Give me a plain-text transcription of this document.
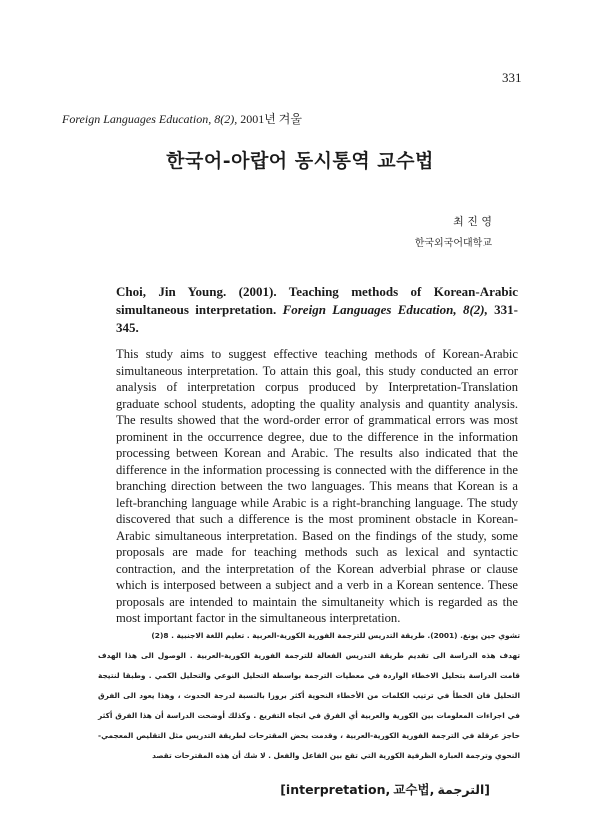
331
Foreign Languages Education, 8(2), 2001년 겨울
한국어-아랍어 동시통역 교수법
최 진 영
한국외국어대학교
Choi, Jin Young. (2001). Teaching methods of Korean-Arabic simultaneous interpretation. Foreign Languages Education, 8(2), 331-345.
This study aims to suggest effective teaching methods of Korean-Arabic simultaneous interpretation. To attain this goal, this study conducted an error analysis of interpretation corpus produced by Interpretation-Translation graduate school students, adopting the quality analysis and quantity analysis. The results showed that the word-order error of grammatical errors was most prominent in the occurrence degree, due to the difference in the information processing between Korean and Arabic. The results also indicated that the difference in the information processing is connected with the difference in the branching direction between the two languages. This means that Korean is a left-branching language while Arabic is a right-branching language. The study discovered that such a difference is the most prominent obstacle in Korean-Arabic simultaneous interpretation. Based on the findings of the study, some proposals are made for teaching methods such as lexical and syntactic contraction, and the interpretation of the Korean adverbial phrase or clause which is interposed between a subject and a verb in a Korean sentence. These proposals are intended to maintain the simultaneity which is regarded as the most important factor in the simultaneous interpretation.

تشوي جين يونغ. (2001). طريقة التدريس للترجمة الفورية الكورية-العربية . تعليم اللغة الاجنبية . 8(2)

تهدف هذه الدراسة الى تقديم طريقة التدريس الفعالة للترجمة الفورية الكورية-العربية . الوصول الى هذا الهدف قامت الدراسة بتحليل الاخطاء الواردة في معطيات الترجمة بواسطة التحليل النوعي والتحليل الكمي . وطبقا لنتيجة التحليل فان الخطأ في ترتيب الكلمات من الأخطاء النحوية أكثر بروزا بالنسبة لدرجة الحدوث ، وهذا يعود الى الفرق في اجراءات المعلومات بين الكورية والعربية أي الفرق في اتجاه التفريع . وكذلك أوضحت الدراسة أن هذا الفرق أكثر حاجز عرقلة في الترجمة الفورية الكورية-العربية ، وقدمت بحض المقترحات لطريقة التدريس مثل التقليص المعجمي-النحوي وترجمة العبارة الظرفية الكورية التي تقع بين الفاعل والفعل . لا شك أن هذه المقترحات تقصد

[interpretation, 교수법, الترجمة]
